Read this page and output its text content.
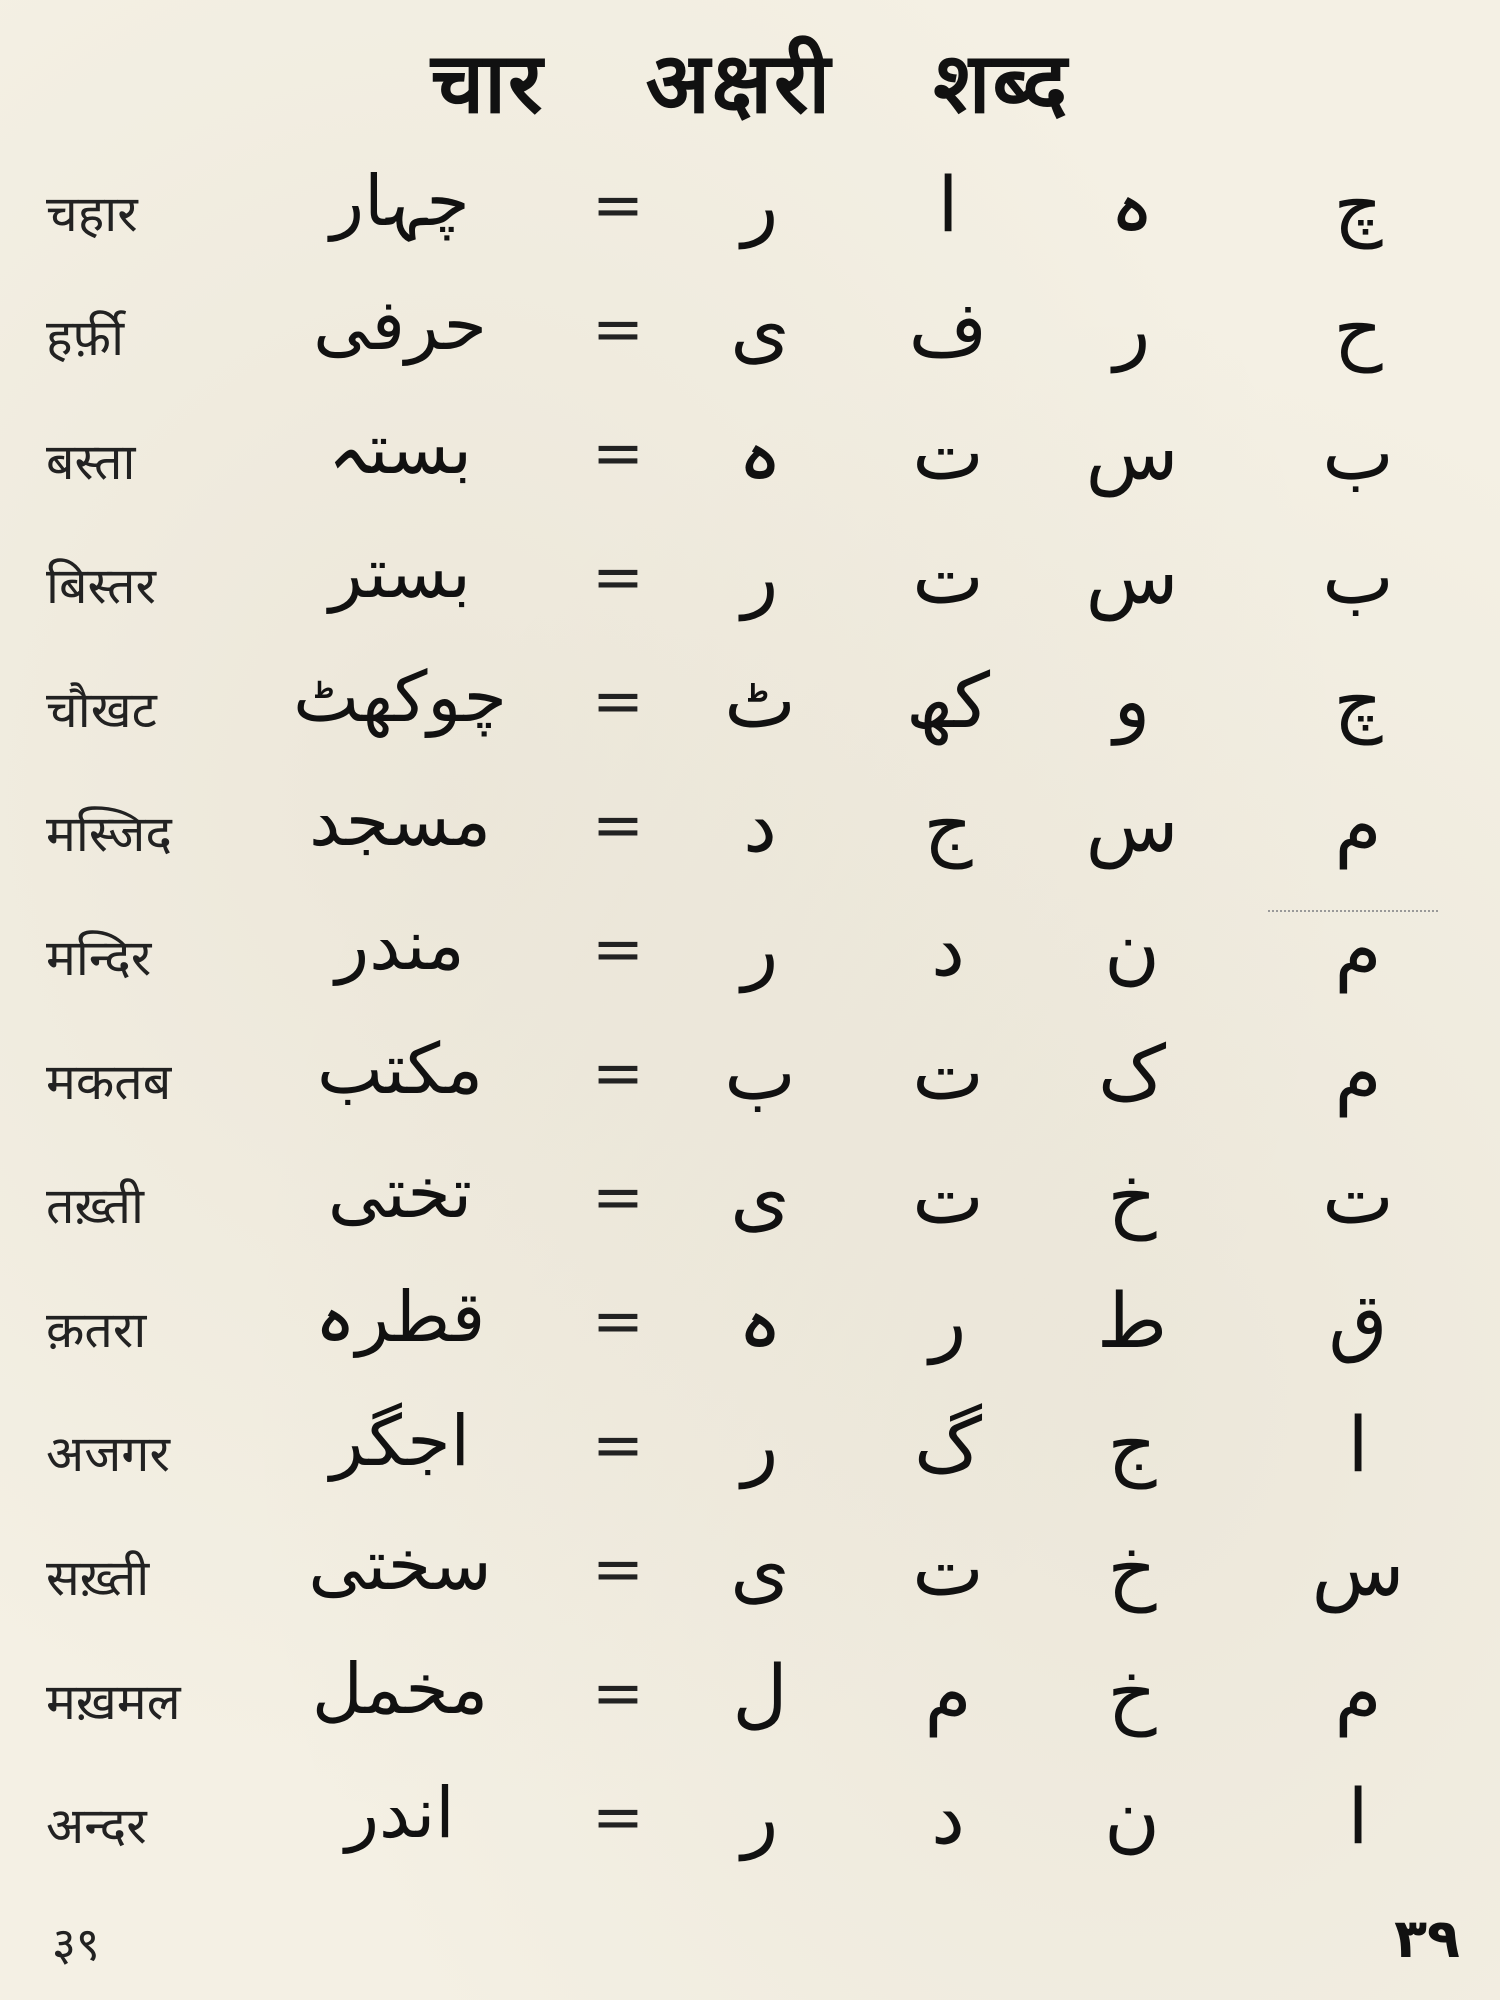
चार अक्षरी शब्द
चहार	چہار	=	ر	ا	ہ	چ
हर्फ़ी	حرفی	=	ی	ف	ر	ح
बस्ता	بستہ	=	ہ	ت	س	ب
बिस्तर	بستر	=	ر	ت	س	ب
चौखट	چوکھٹ	=	ٹ	کھ	و	چ
मस्जिद	مسجد	=	د	ج	س	م
मन्दिर	مندر	=	ر	د	ن	م
मकतब	مکتب	=	ب	ت	ک	م
तख़्ती	تختی	=	ی	ت	خ	ت
क़तरा	قطرہ	=	ہ	ر	ط	ق
अजगर	اجگر	=	ر	گ	ج	ا
सख़्ती	سختی	=	ی	ت	خ	س
मख़मल	مخمل	=	ل	م	خ	م
अन्दर	اندر	=	ر	د	ن	ا
३९	۳۹
